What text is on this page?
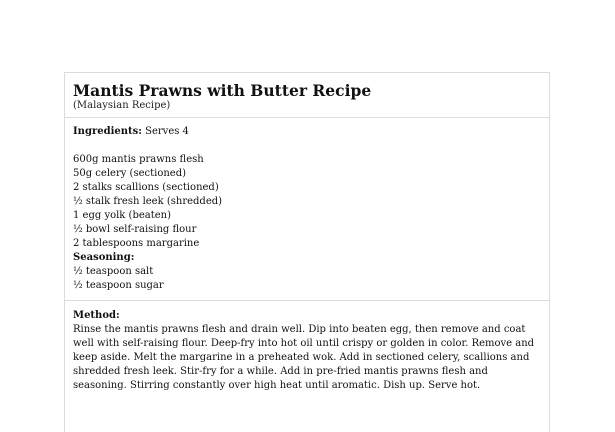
Mantis Prawns with Butter Recipe

(Malaysian Recipe)

Ingredients: Serves 4
600g mantis prawns flesh
50g celery (sectioned)
2 stalks scallions (sectioned)
½ stalk fresh leek (shredded)
1 egg yolk (beaten)
½ bowl self-raising flour
2 tablespoons margarine
Seasoning:
½ teaspoon salt
½ teaspoon sugar
Method:

Rinse the mantis prawns flesh and drain well. Dip into beaten egg, then remove and coat well with self-raising flour. Deep-fry into hot oil until crispy or golden in color. Remove and keep aside. Melt the margarine in a preheated wok. Add in sectioned celery, scallions and shredded fresh leek. Stir-fry for a while. Add in pre-fried mantis prawns flesh and seasoning. Stirring constantly over high heat until aromatic. Dish up. Serve hot.
